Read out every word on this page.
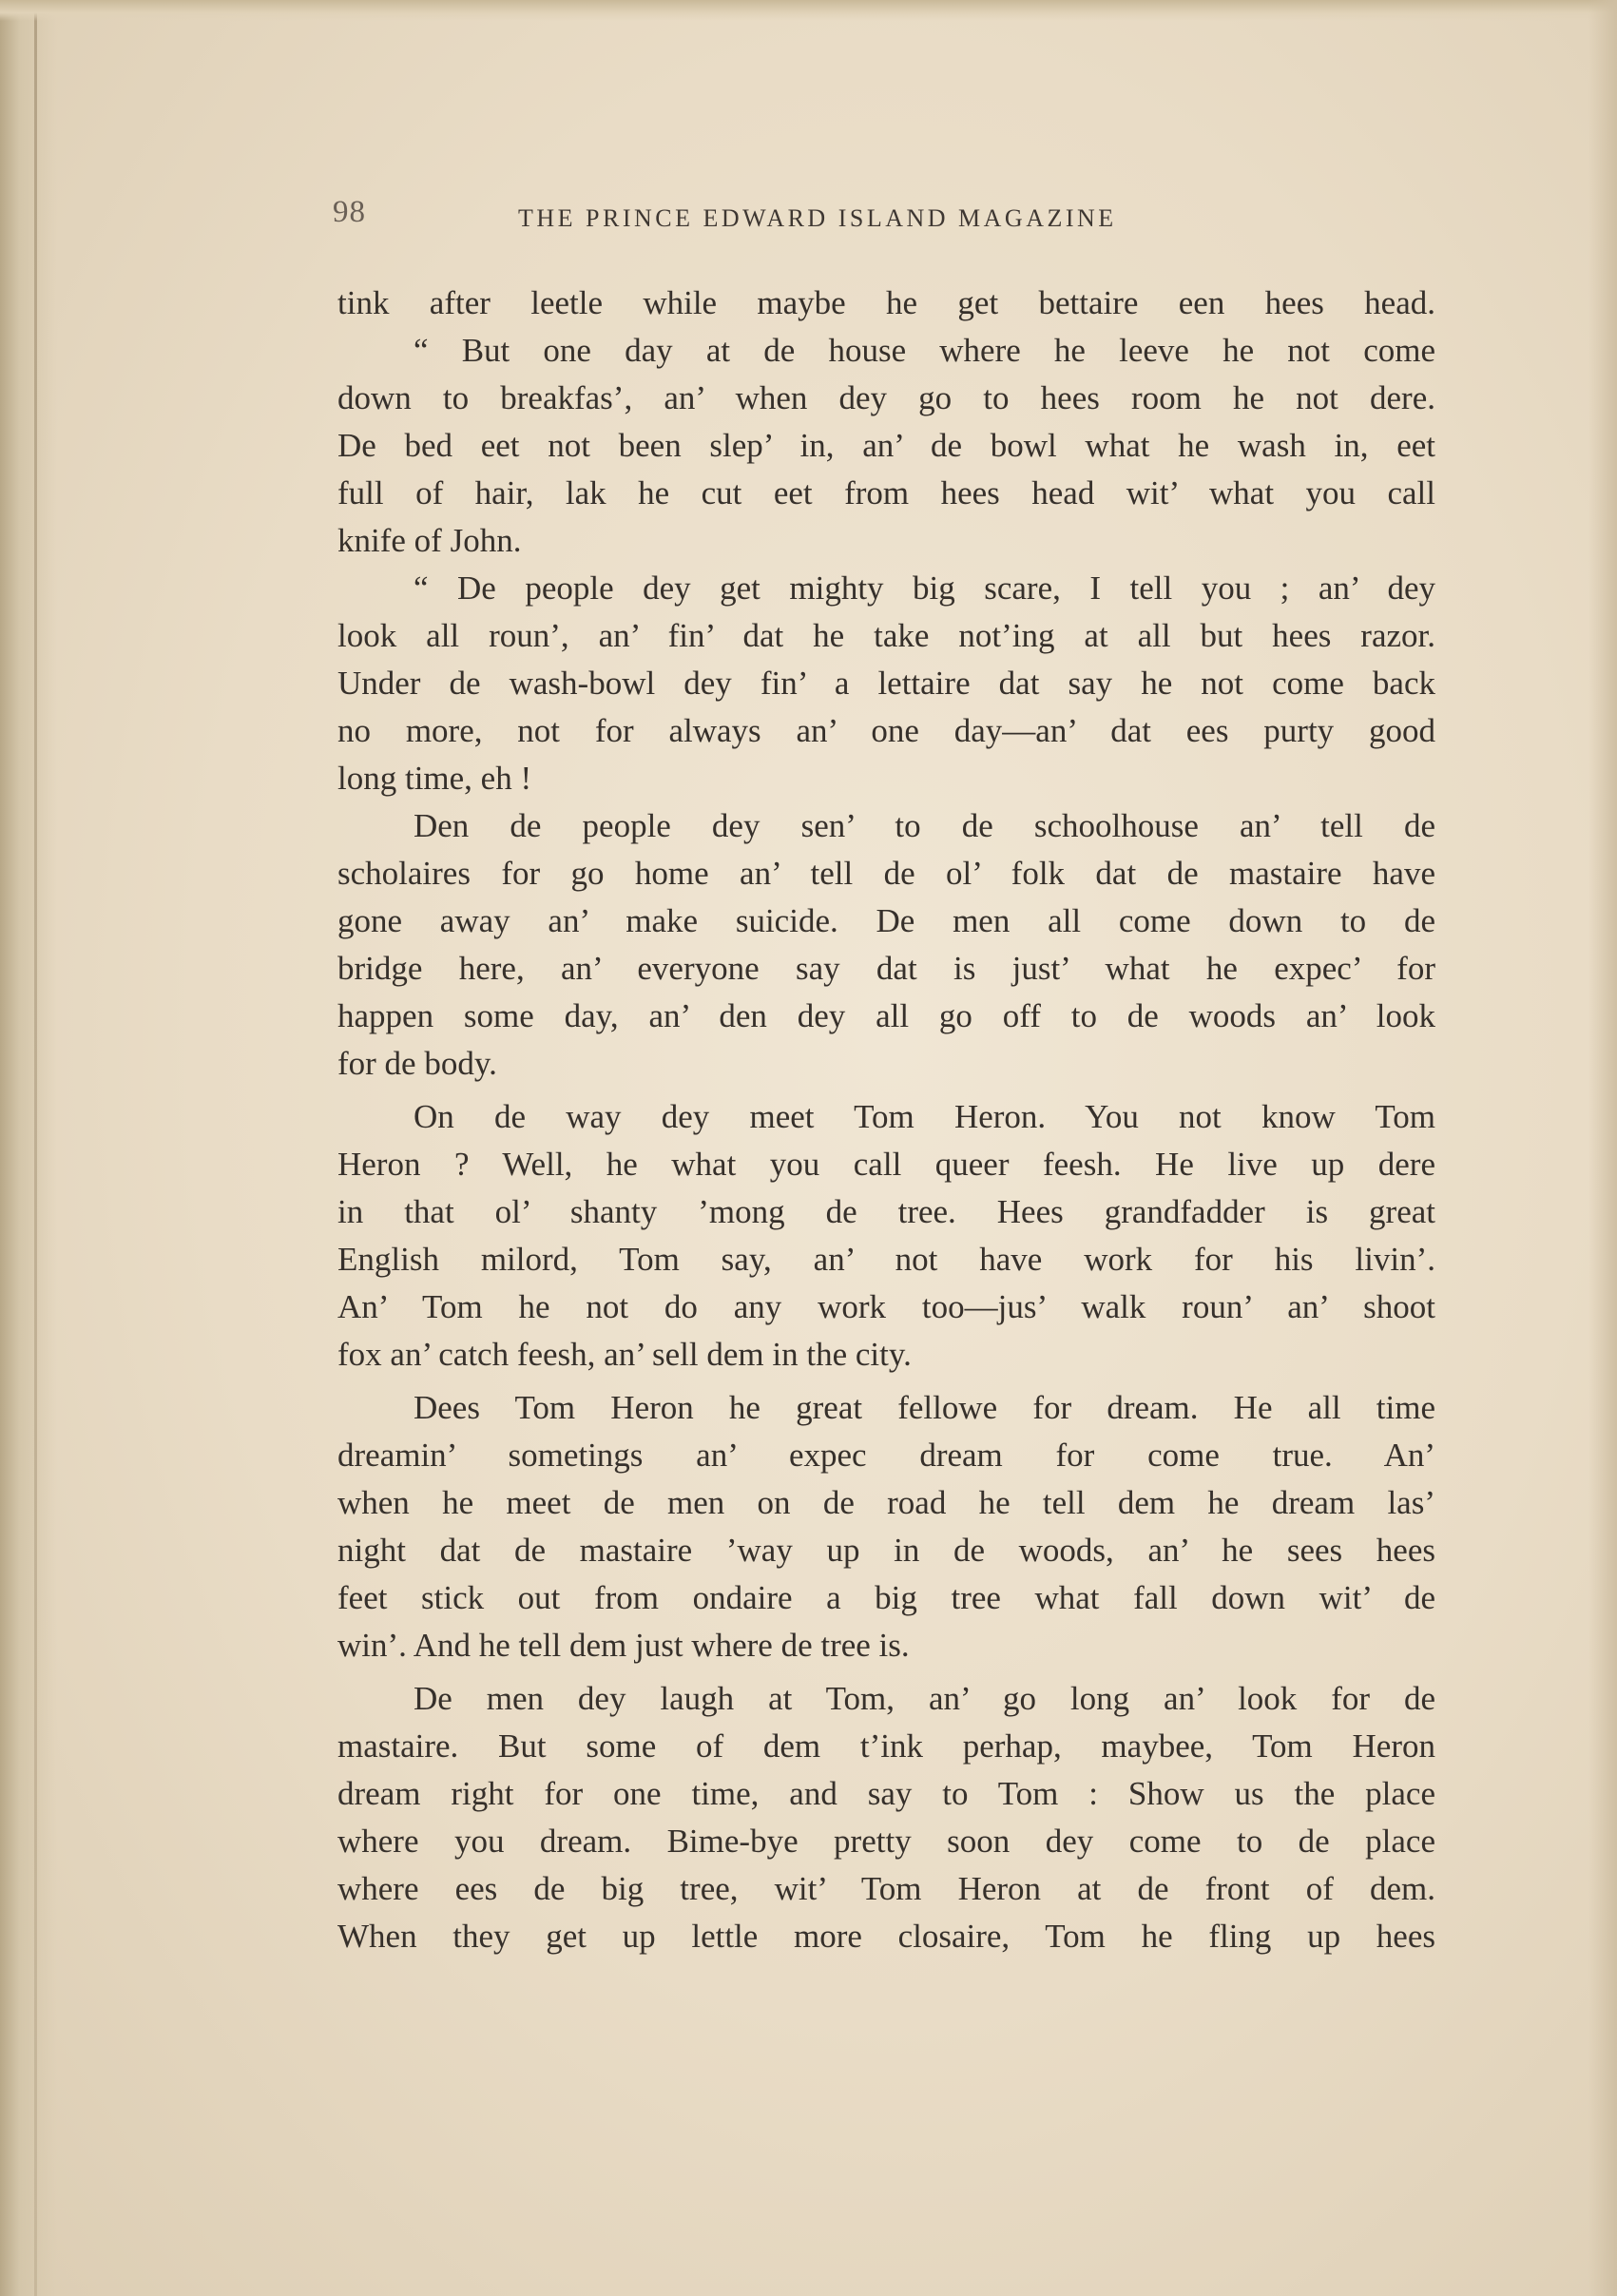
98	THE PRINCE EDWARD ISLAND MAGAZINE
tink after leetle while maybe he get bettaire een hees head.
“ But one day at de house where he leeve he not come
down to breakfas’, an’ when dey go to hees room he not dere.
De bed eet not been slep’ in, an’ de bowl what he wash in, eet
full of hair, lak he cut eet from hees head wit’ what you call
knife of John.
“ De people dey get mighty big scare, I tell you ; an’ dey
look all roun’, an’ fin’ dat he take not’ing at all but hees razor.
Under de wash-bowl dey fin’ a lettaire dat say he not come back
no more, not for always an’ one day—an’ dat ees purty good
long time, eh !
Den de people dey sen’ to de schoolhouse an’ tell de
scholaires for go home an’ tell de ol’ folk dat de mastaire have
gone away an’ make suicide. De men all come down to de
bridge here, an’ everyone say dat is just’ what he expec’ for
happen some day, an’ den dey all go off to de woods an’ look
for de body.
On de way dey meet Tom Heron. You not know Tom
Heron ? Well, he what you call queer feesh. He live up dere
in that ol’ shanty ’mong de tree. Hees grandfadder is great
English milord, Tom say, an’ not have work for his livin’.
An’ Tom he not do any work too—jus’ walk roun’ an’ shoot
fox an’ catch feesh, an’ sell dem in the city.
Dees Tom Heron he great fellowe for dream. He all time
dreamin’ sometings an’ expec dream for come true. An’
when he meet de men on de road he tell dem he dream las’
night dat de mastaire ’way up in de woods, an’ he sees hees
feet stick out from ondaire a big tree what fall down wit’ de
win’. And he tell dem just where de tree is.
De men dey laugh at Tom, an’ go long an’ look for de
mastaire. But some of dem t’ink perhap, maybee, Tom Heron
dream right for one time, and say to Tom : Show us the place
where you dream. Bime-bye pretty soon dey come to de place
where ees de big tree, wit’ Tom Heron at de front of dem.
When they get up lettle more closaire, Tom he fling up hees
